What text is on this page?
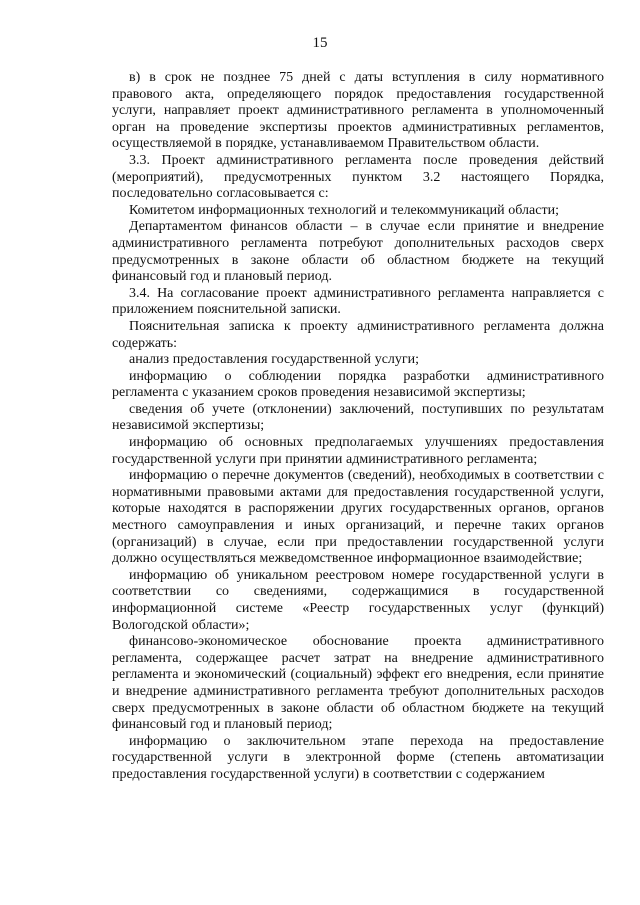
15

в) в срок не позднее 75 дней с даты вступления в силу нормативного правового акта, определяющего порядок предоставления государственной услуги, направляет проект административного регламента в уполномоченный орган на проведение экспертизы проектов административных регламентов, осуществляемой в порядке, устанавливаемом Правительством области.

3.3. Проект административного регламента после проведения действий (мероприятий), предусмотренных пунктом 3.2 настоящего Порядка, последовательно согласовывается с:

Комитетом информационных технологий и телекоммуникаций области;

Департаментом финансов области – в случае если принятие и внедрение административного регламента потребуют дополнительных расходов сверх предусмотренных в законе области об областном бюджете на текущий финансовый год и плановый период.

3.4. На согласование проект административного регламента направляется с приложением пояснительной записки.

Пояснительная записка к проекту административного регламента должна содержать:

анализ предоставления государственной услуги;

информацию о соблюдении порядка разработки административного регламента с указанием сроков проведения независимой экспертизы;

сведения об учете (отклонении) заключений, поступивших по результатам независимой экспертизы;

информацию об основных предполагаемых улучшениях предоставления государственной услуги при принятии административного регламента;

информацию о перечне документов (сведений), необходимых в соответствии с нормативными правовыми актами для предоставления государственной услуги, которые находятся в распоряжении других государственных органов, органов местного самоуправления и иных организаций, и перечне таких органов (организаций) в случае, если при предоставлении государственной услуги должно осуществляться межведомственное информационное взаимодействие;

информацию об уникальном реестровом номере государственной услуги в соответствии со сведениями, содержащимися в государственной информационной системе «Реестр государственных услуг (функций) Вологодской области»;

финансово-экономическое обоснование проекта административного регламента, содержащее расчет затрат на внедрение административного регламента и экономический (социальный) эффект его внедрения, если принятие и внедрение административного регламента требуют дополнительных расходов сверх предусмотренных в законе области об областном бюджете на текущий финансовый год и плановый период;

информацию о заключительном этапе перехода на предоставление государственной услуги в электронной форме (степень автоматизации предоставления государственной услуги) в соответствии с содержанием
